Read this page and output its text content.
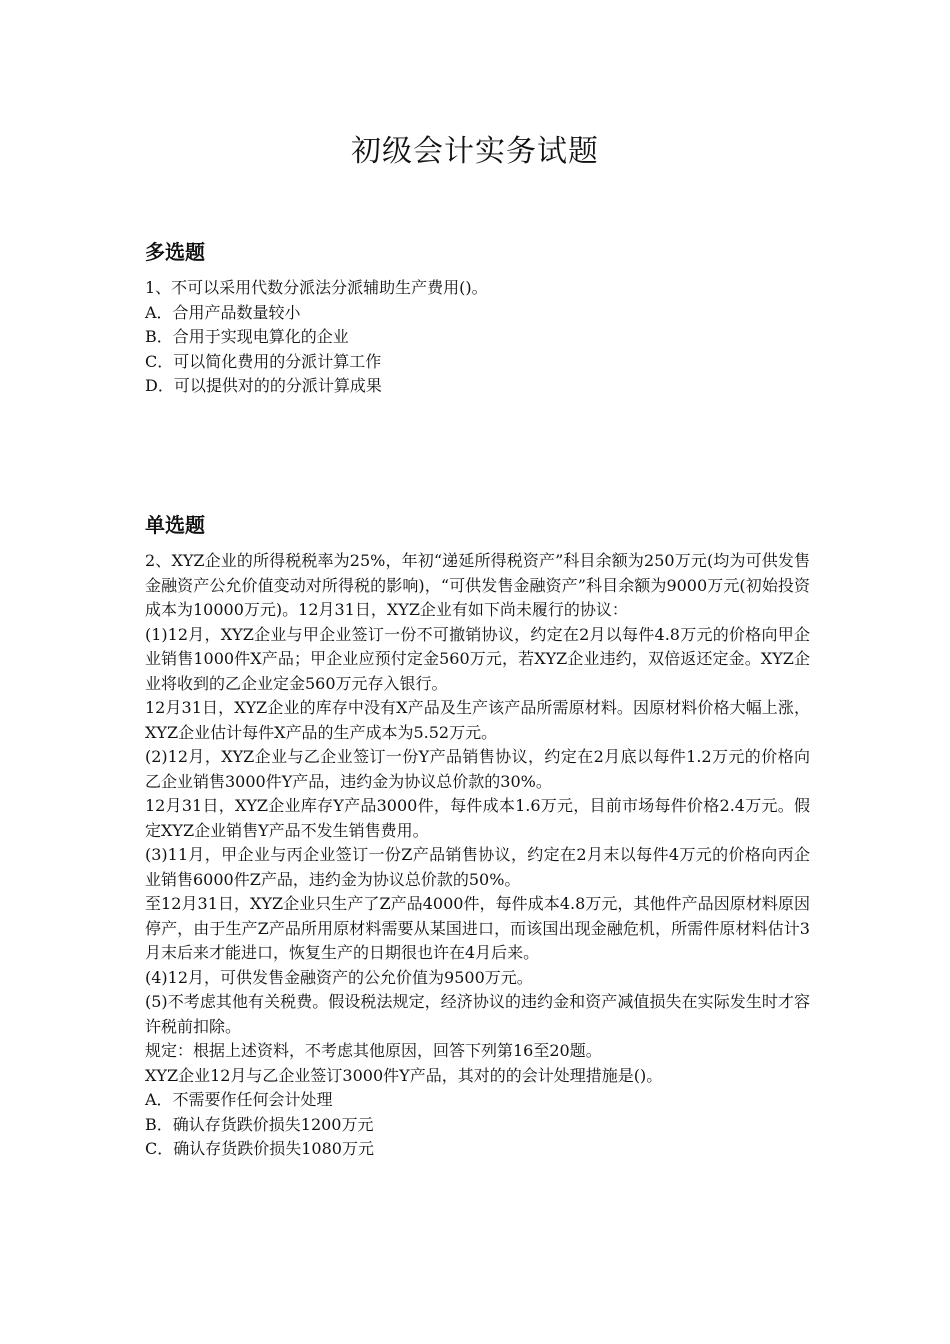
初级会计实务试题
多选题

1、不可以采用代数分派法分派辅助生产费用()。

A．合用产品数量较小

B．合用于实现电算化的企业

C．可以简化费用的分派计算工作

D．可以提供对的的分派计算成果

单选题

2、XYZ企业的所得税税率为25%，年初“递延所得税资产”科目余额为250万元(均为可供发售金融资产公允价值变动对所得税的影响)，“可供发售金融资产”科目余额为9000万元(初始投资成本为10000万元)。12月31日，XYZ企业有如下尚未履行的协议：

(1)12月，XYZ企业与甲企业签订一份不可撤销协议，约定在2月以每件4.8万元的价格向甲企业销售1000件X产品；甲企业应预付定金560万元，若XYZ企业违约，双倍返还定金。XYZ企业将收到的乙企业定金560万元存入银行。

12月31日，XYZ企业的库存中没有X产品及生产该产品所需原材料。因原材料价格大幅上涨，XYZ企业估计每件X产品的生产成本为5.52万元。

(2)12月，XYZ企业与乙企业签订一份Y产品销售协议，约定在2月底以每件1.2万元的价格向乙企业销售3000件Y产品，违约金为协议总价款的30%。

12月31日，XYZ企业库存Y产品3000件，每件成本1.6万元，目前市场每件价格2.4万元。假定XYZ企业销售Y产品不发生销售费用。

(3)11月，甲企业与丙企业签订一份Z产品销售协议，约定在2月末以每件4万元的价格向丙企业销售6000件Z产品，违约金为协议总价款的50%。

至12月31日，XYZ企业只生产了Z产品4000件，每件成本4.8万元，其他件产品因原材料原因停产，由于生产Z产品所用原材料需要从某国进口，而该国出现金融危机，所需件原材料估计3月末后来才能进口，恢复生产的日期很也许在4月后来。

(4)12月，可供发售金融资产的公允价值为9500万元。

(5)不考虑其他有关税费。假设税法规定，经济协议的违约金和资产减值损失在实际发生时才容许税前扣除。

规定：根据上述资料，不考虑其他原因，回答下列第16至20题。

XYZ企业12月与乙企业签订3000件Y产品，其对的的会计处理措施是()。

A．不需要作任何会计处理

B．确认存货跌价损失1200万元

C．确认存货跌价损失1080万元
